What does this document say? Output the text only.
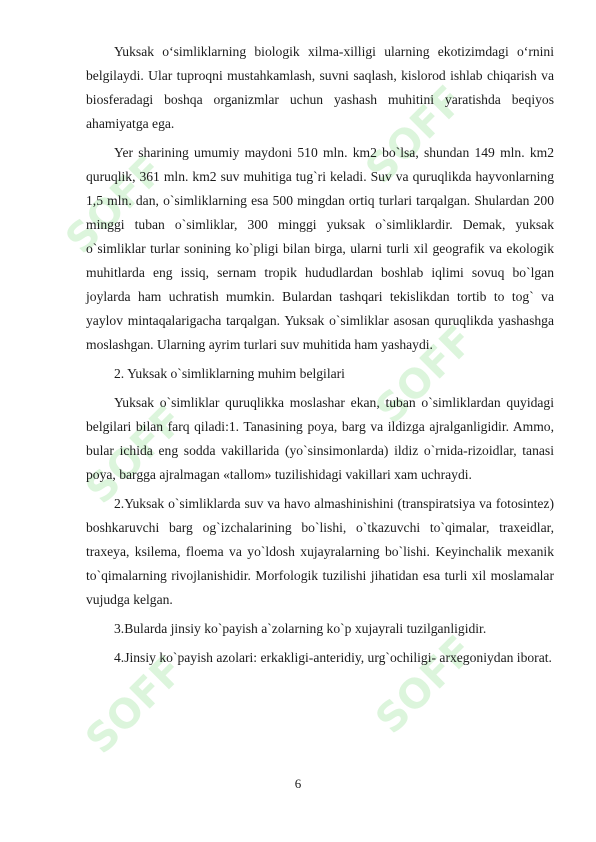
SOFF
SOFF
SOFF
SOFF
SOFF	SOFF

Yuksak o‘simliklarning biologik xilma-xilligi ularning ekotizimdagi o‘rnini belgilaydi. Ular tuproqni mustahkamlash, suvni saqlash, kislorod ishlab chiqarish va biosferadagi boshqa organizmlar uchun yashash muhitini yaratishda beqiyos ahamiyatga ega.

Yer sharining umumiy maydoni 510 mln. km2 bo`lsa, shundan 149 mln. km2 quruqlik, 361 mln. km2 suv muhitiga tug`ri keladi. Suv va quruqlikda hayvonlarning 1,5 mln. dan, o`simliklarning esa 500 mingdan ortiq turlari tarqalgan. Shulardan 200 minggi tuban o`simliklar, 300 minggi yuksak o`simliklardir. Demak, yuksak o`simliklar turlar sonining ko`pligi bilan birga, ularni turli xil geografik va ekologik muhitlarda eng issiq, sernam tropik hududlardan boshlab iqlimi sovuq bo`lgan joylarda ham uchratish mumkin. Bulardan tashqari tekislikdan tortib to tog` va yaylov mintaqalarigacha tarqalgan. Yuksak o`simliklar asosan quruqlikda yashashga moslashgan. Ularning ayrim turlari suv muhitida ham yashaydi.

2. Yuksak o`simliklarning muhim belgilari

Yuksak o`simliklar quruqlikka moslashar ekan, tuban o`simliklardan quyidagi belgilari bilan farq qiladi:1. Tanasining poya, barg va ildizga ajralganligidir. Ammo, bular ichida eng sodda vakillarida (yo`sinsimonlarda) ildiz o`rnida-rizoidlar, tanasi poya, bargga ajralmagan «tallom» tuzilishidagi vakillari xam uchraydi.

2.Yuksak o`simliklarda suv va havo almashinishini (transpiratsiya va fotosintez) boshkaruvchi barg og`izchalarining bo`lishi, o`tkazuvchi to`qimalar, traxeidlar, traxeya, ksilema, floema va yo`ldosh xujayralarning bo`lishi. Keyinchalik mexanik to`qimalarning rivojlanishidir. Morfologik tuzilishi jihatidan esa turli xil moslamalar vujudga kelgan.

3.Bularda jinsiy ko`payish a`zolarning ko`p xujayrali tuzilganligidir.

4.Jinsiy ko`payish azolari: erkakligi-anteridiy, urg`ochiligi- arxegoniydan iborat.

6
